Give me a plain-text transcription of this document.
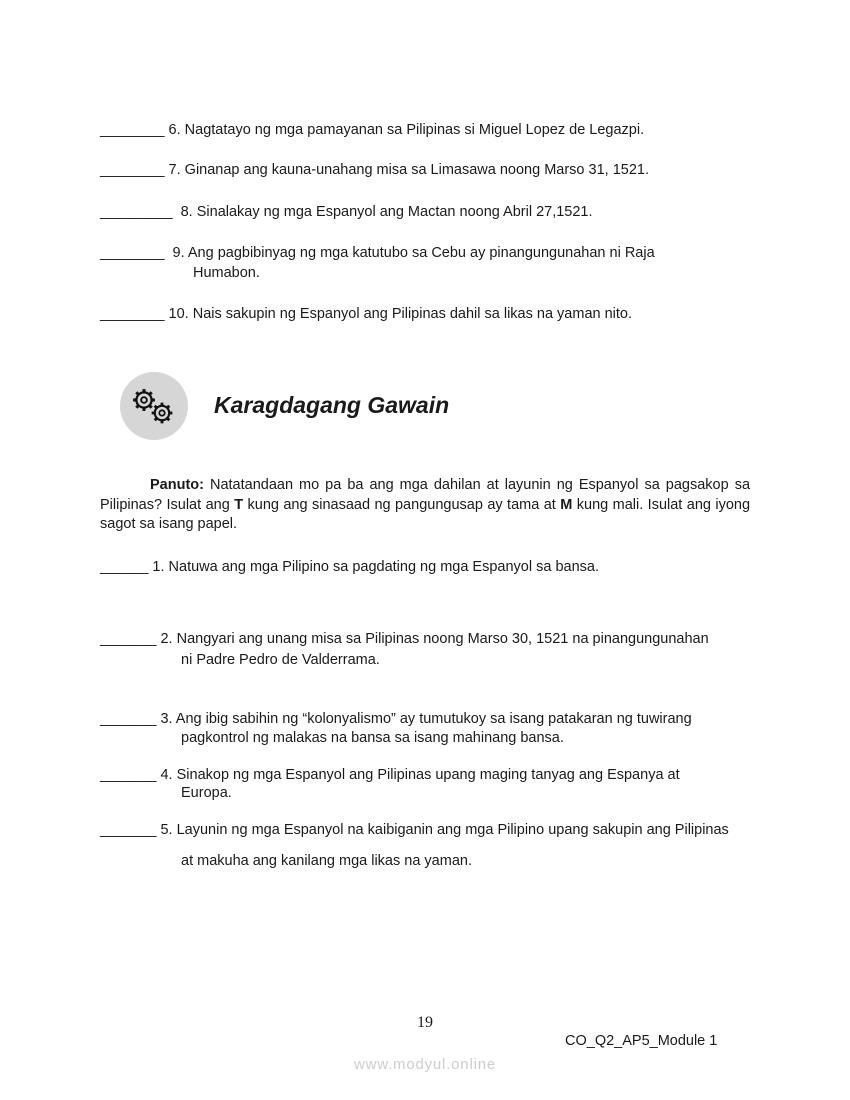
________ 6. Nagtatayo ng mga pamayanan sa Pilipinas si Miguel Lopez de Legazpi.
________ 7. Ginanap ang kauna-unahang misa sa Limasawa noong Marso 31, 1521.
_________ 8. Sinalakay ng mga Espanyol ang Mactan noong Abril 27,1521.
________ 9. Ang pagbibinyag ng mga katutubo sa Cebu ay pinangungunahan ni Raja
Humabon.
________ 10. Nais sakupin ng Espanyol ang Pilipinas dahil sa likas na yaman nito.
Karagdagang Gawain
Panuto: Natatandaan mo pa ba ang mga dahilan at layunin ng Espanyol sa pagsakop sa Pilipinas? Isulat ang T kung ang sinasaad ng pangungusap ay tama at M kung mali. Isulat ang iyong sagot sa isang papel.
______ 1. Natuwa ang mga Pilipino sa pagdating ng mga Espanyol sa bansa.
_______ 2. Nangyari ang unang misa sa Pilipinas noong Marso 30, 1521 na pinangungunahan
ni Padre Pedro de Valderrama.
_______ 3. Ang ibig sabihin ng “kolonyalismo” ay tumutukoy sa isang patakaran ng tuwirang
pagkontrol ng malakas na bansa sa isang mahinang bansa.
_______ 4. Sinakop ng mga Espanyol ang Pilipinas upang maging tanyag ang Espanya at
Europa.
_______ 5. Layunin ng mga Espanyol na kaibiganin ang mga Pilipino upang sakupin ang Pilipinas
at makuha ang kanilang mga likas na yaman.
19
CO_Q2_AP5_Module 1
www.modyul.online
